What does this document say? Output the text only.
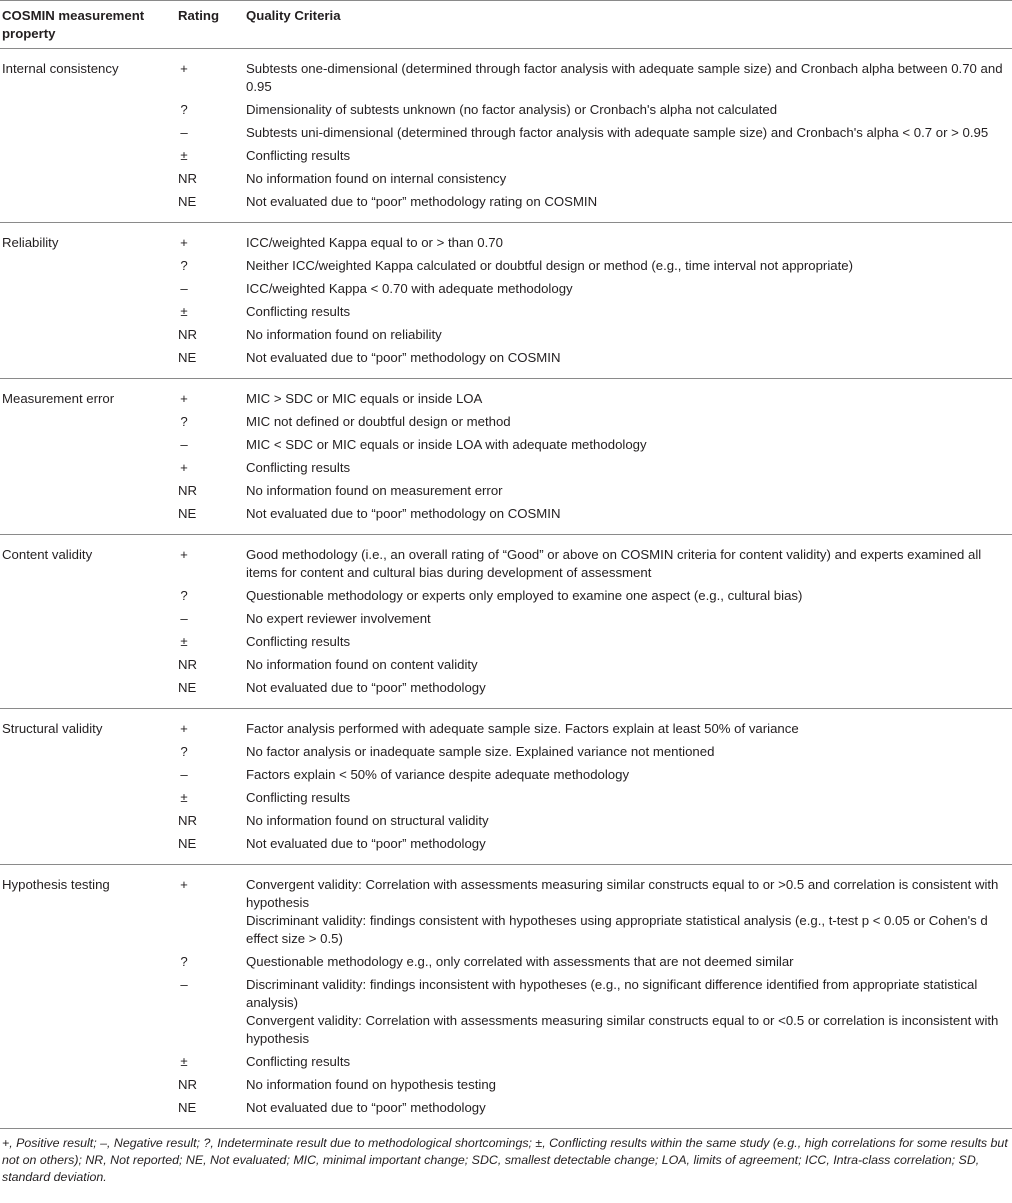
COSMIN measurement property	Rating	Quality Criteria
Internal consistency	+	Subtests one-dimensional (determined through factor analysis with adequate sample size) and Cronbach alpha between 0.70 and 0.95

	?	Dimensionality of subtests unknown (no factor analysis) or Cronbach's alpha not calculated

	–	Subtests uni-dimensional (determined through factor analysis with adequate sample size) and Cronbach's alpha < 0.7 or > 0.95

	±	Conflicting results

	NR	No information found on internal consistency

	NE	Not evaluated due to “poor” methodology rating on COSMIN

Reliability	+	ICC/weighted Kappa equal to or > than 0.70

	?	Neither ICC/weighted Kappa calculated or doubtful design or method (e.g., time interval not appropriate)

	–	ICC/weighted Kappa < 0.70 with adequate methodology

	±	Conflicting results

	NR	No information found on reliability

	NE	Not evaluated due to “poor” methodology on COSMIN

Measurement error	+	MIC > SDC or MIC equals or inside LOA

	?	MIC not defined or doubtful design or method

	–	MIC < SDC or MIC equals or inside LOA with adequate methodology

	+	Conflicting results

	NR	No information found on measurement error

	NE	Not evaluated due to “poor” methodology on COSMIN

Content validity	+	Good methodology (i.e., an overall rating of “Good” or above on COSMIN criteria for content validity) and experts examined all items for content and cultural bias during development of assessment

	?	Questionable methodology or experts only employed to examine one aspect (e.g., cultural bias)

	–	No expert reviewer involvement

	±	Conflicting results

	NR	No information found on content validity

	NE	Not evaluated due to “poor” methodology

Structural validity	+	Factor analysis performed with adequate sample size. Factors explain at least 50% of variance

	?	No factor analysis or inadequate sample size. Explained variance not mentioned

	–	Factors explain < 50% of variance despite adequate methodology

	±	Conflicting results

	NR	No information found on structural validity

	NE	Not evaluated due to “poor” methodology

Hypothesis testing	+	Convergent validity: Correlation with assessments measuring similar constructs equal to or >0.5 and correlation is consistent with hypothesis
Discriminant validity: findings consistent with hypotheses using appropriate statistical analysis (e.g., t-test p < 0.05 or Cohen's d effect size > 0.5)

	?	Questionable methodology e.g., only correlated with assessments that are not deemed similar

	–	Discriminant validity: findings inconsistent with hypotheses (e.g., no significant difference identified from appropriate statistical analysis)
Convergent validity: Correlation with assessments measuring similar constructs equal to or <0.5 or correlation is inconsistent with hypothesis

	±	Conflicting results

	NR	No information found on hypothesis testing

	NE	Not evaluated due to “poor” methodology
+, Positive result; –, Negative result; ?, Indeterminate result due to methodological shortcomings; ±, Conflicting results within the same study (e.g., high correlations for some results but not on others); NR, Not reported; NE, Not evaluated; MIC, minimal important change; SDC, smallest detectable change; LOA, limits of agreement; ICC, Intra-class correlation; SD, standard deviation.
